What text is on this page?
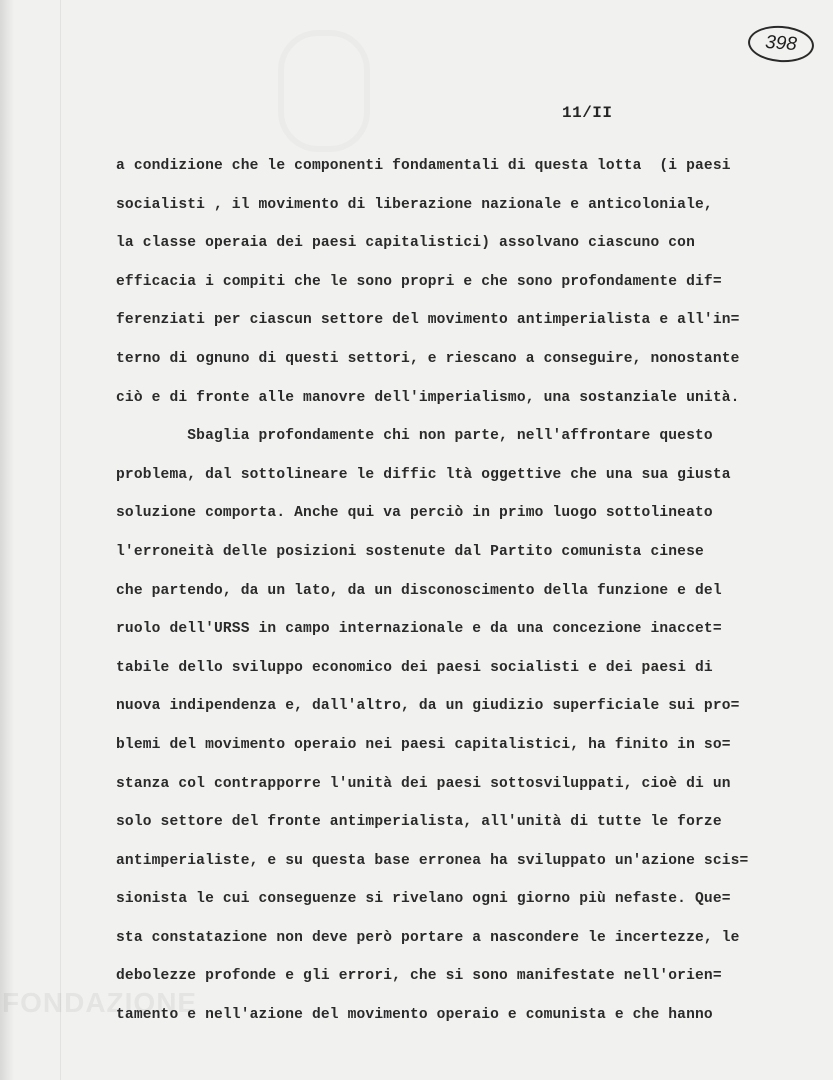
398
11/II
a condizione che le componenti fondamentali di questa lotta  (i paesi
socialisti , il movimento di liberazione nazionale e anticoloniale,
la classe operaia dei paesi capitalistici) assolvano ciascuno con
efficacia i compiti che le sono propri e che sono profondamente dif=
ferenziati per ciascun settore del movimento antimperialista e all'in=
terno di ognuno di questi settori, e riescano a conseguire, nonostante
ciò e di fronte alle manovre dell'imperialismo, una sostanziale unità.
Sbaglia profondamente chi non parte, nell'affrontare questo
problema, dal sottolineare le diffic ltà oggettive che una sua giusta
soluzione comporta. Anche qui va perciò in primo luogo sottolineato
l'erroneità delle posizioni sostenute dal Partito comunista cinese
che partendo, da un lato, da un disconoscimento della funzione e del
ruolo dell'URSS in campo internazionale e da una concezione inaccet=
tabile dello sviluppo economico dei paesi socialisti e dei paesi di
nuova indipendenza e, dall'altro, da un giudizio superficiale sui pro=
blemi del movimento operaio nei paesi capitalistici, ha finito in so=
stanza col contrapporre l'unità dei paesi sottosviluppati, cioè di un
solo settore del fronte antimperialista, all'unità di tutte le forze
antimperialiste, e su questa base erronea ha sviluppato un'azione scis=
sionista le cui conseguenze si rivelano ogni giorno più nefaste. Que=
sta constatazione non deve però portare a nascondere le incertezze, le
debolezze profonde e gli errori, che si sono manifestate nell'orien=
tamento e nell'azione del movimento operaio e comunista e che hanno
FONDAZIONE
